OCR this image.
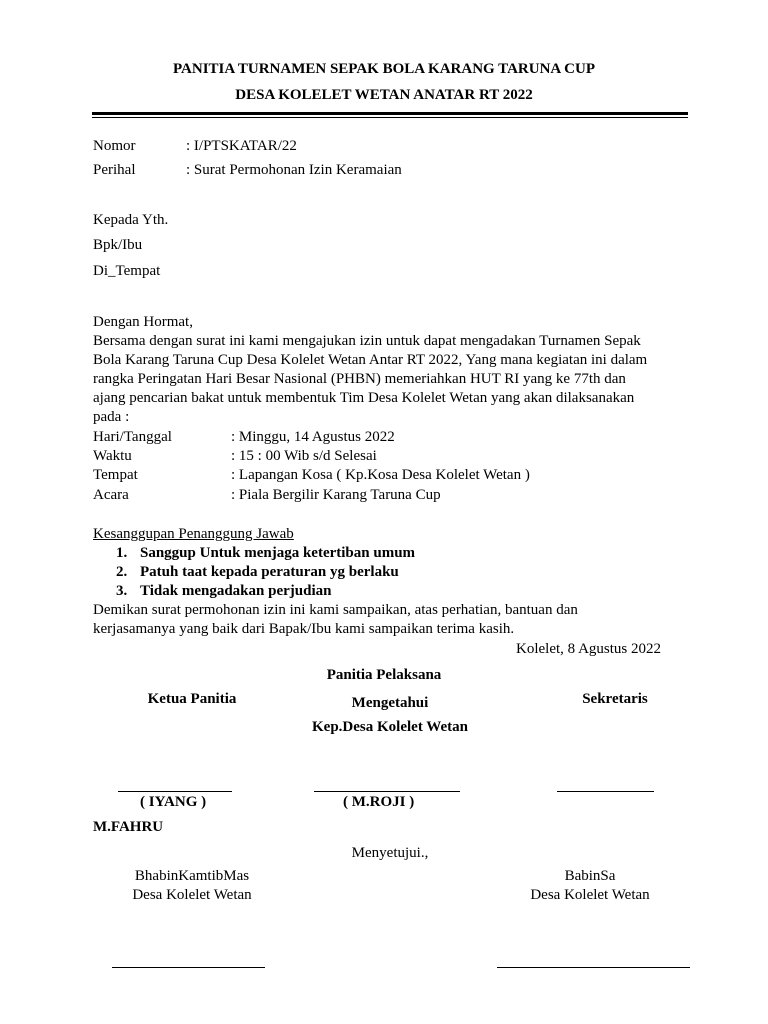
PANITIA TURNAMEN SEPAK BOLA KARANG TARUNA CUP
DESA KOLELET WETAN ANATAR RT 2022
Nomor	: I/PTSKATAR/22
Perihal	: Surat Permohonan Izin Keramaian
Kepada Yth.
Bpk/Ibu
Di_Tempat
Dengan Hormat,
Bersama dengan surat ini kami mengajukan izin untuk dapat mengadakan Turnamen Sepak
Bola Karang Taruna Cup Desa Kolelet Wetan Antar RT 2022, Yang mana kegiatan ini dalam
rangka Peringatan Hari Besar Nasional (PHBN) memeriahkan HUT RI yang ke 77th dan
ajang pencarian bakat untuk membentuk Tim Desa Kolelet Wetan yang akan dilaksanakan
pada :
Hari/Tanggal	: Minggu, 14 Agustus 2022
Waktu	: 15 : 00 Wib s/d Selesai
Tempat	: Lapangan Kosa ( Kp.Kosa Desa Kolelet Wetan )
Acara	: Piala Bergilir Karang Taruna Cup
Kesanggupan Penanggung Jawab
1. Sanggup Untuk menjaga ketertiban umum
2. Patuh taat kepada peraturan yg berlaku
3. Tidak mengadakan perjudian
Demikan surat permohonan izin ini kami sampaikan, atas perhatian, bantuan dan
kerjasamanya yang baik dari Bapak/Ibu kami sampaikan terima kasih.
Kolelet, 8 Agustus 2022
Panitia Pelaksana
Ketua Panitia	Mengetahui	Sekretaris
Kep.Desa Kolelet Wetan
( IYANG )	( M.ROJI )
M.FAHRU
Menyetujui.,
BhabinKamtibMas
Desa Kolelet Wetan
BabinSa
Desa Kolelet Wetan
